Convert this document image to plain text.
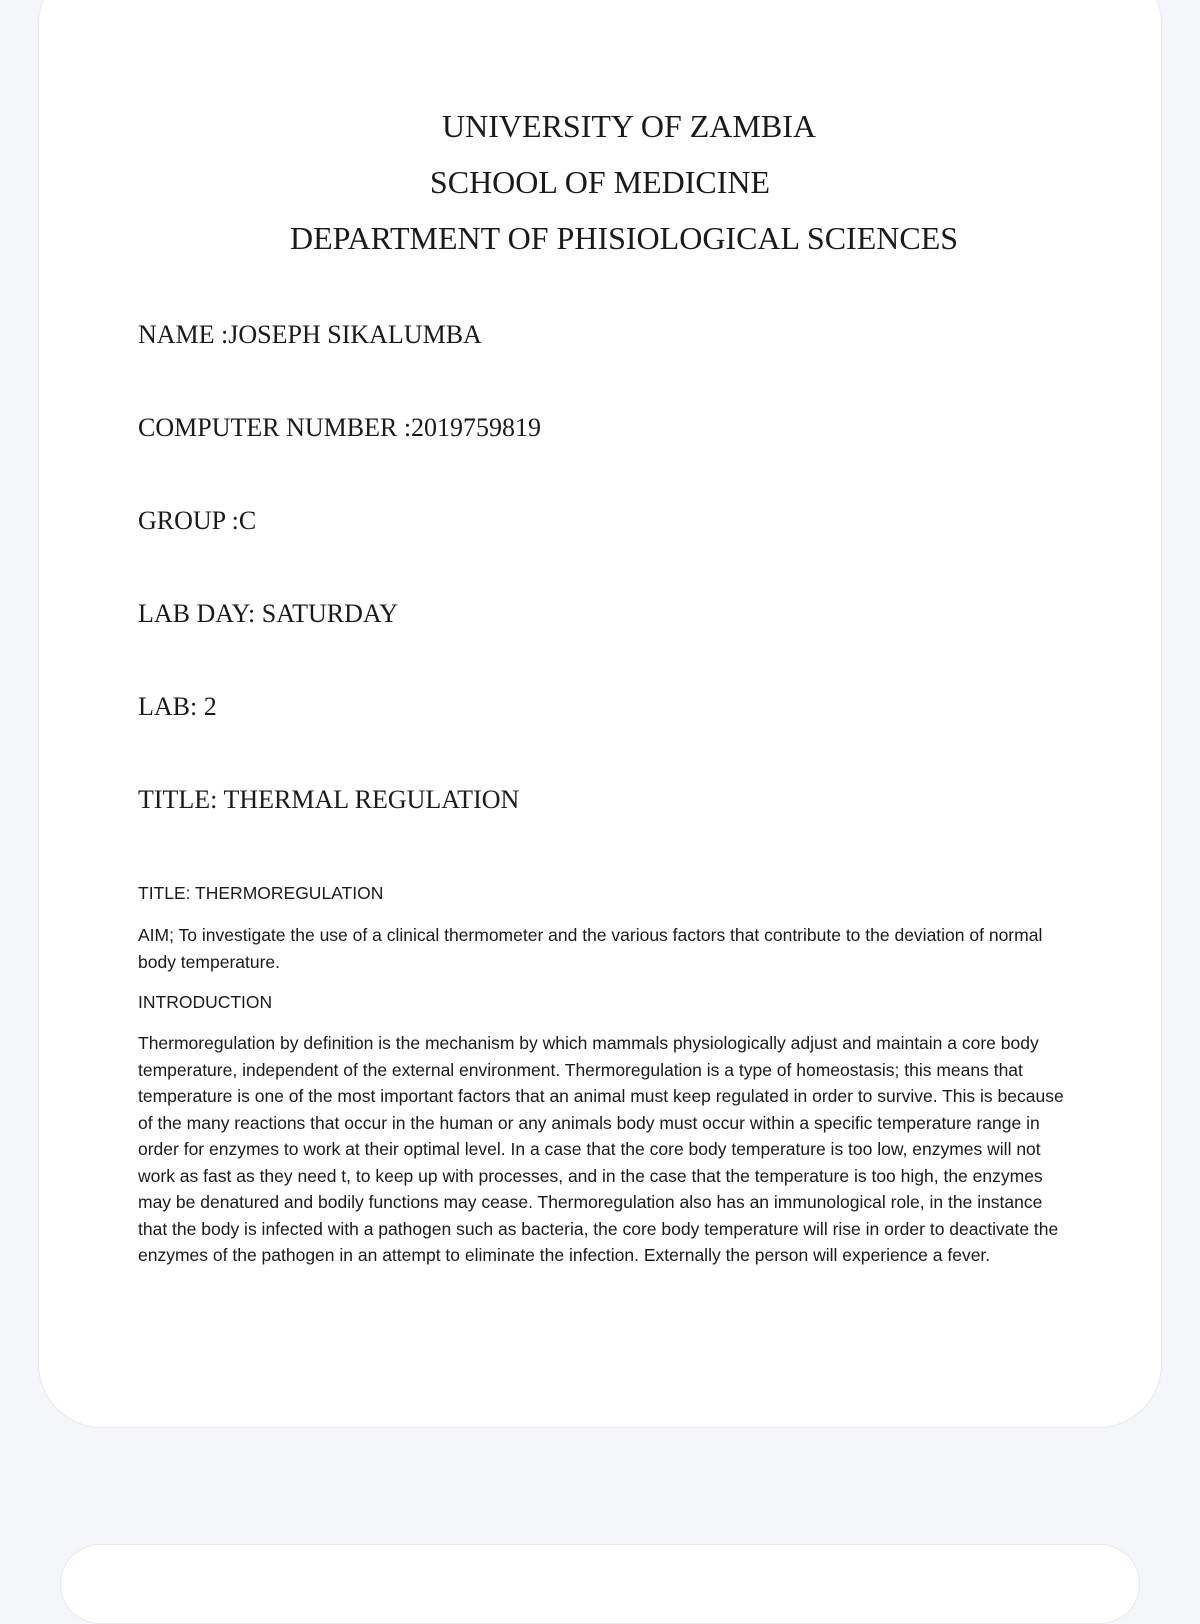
UNIVERSITY OF ZAMBIA
SCHOOL OF MEDICINE
DEPARTMENT OF PHISIOLOGICAL SCIENCES

NAME :JOSEPH SIKALUMBA

COMPUTER NUMBER :2019759819

GROUP :C

LAB DAY: SATURDAY

LAB: 2

TITLE: THERMAL REGULATION

TITLE: THERMOREGULATION

AIM; To investigate the use of a clinical thermometer and the various factors that contribute to the deviation of normal body temperature.

INTRODUCTION

Thermoregulation by definition is the mechanism by which mammals physiologically adjust and maintain a core body temperature, independent of the external environment. Thermoregulation is a type of homeostasis; this means that temperature is one of the most important factors that an animal must keep regulated in order to survive. This is because of the many reactions that occur in the human or any animals body must occur within a specific temperature range in order for enzymes to work at their optimal level. In a case that the core body temperature is too low, enzymes will not work as fast as they need t, to keep up with processes, and in the case that the temperature is too high, the enzymes may be denatured and bodily functions may cease. Thermoregulation also has an immunological role, in the instance that the body is infected with a pathogen such as bacteria, the core body temperature will rise in order to deactivate the enzymes of the pathogen in an attempt to eliminate the infection. Externally the person will experience a fever.
